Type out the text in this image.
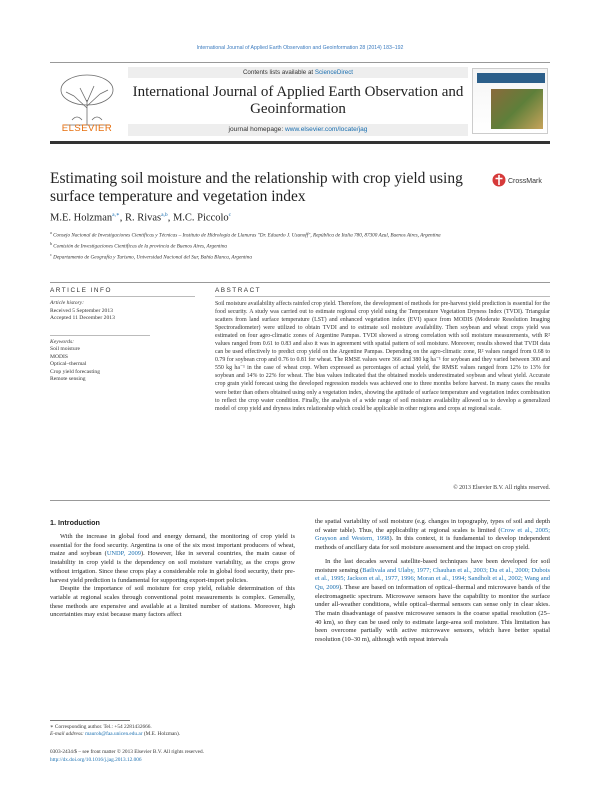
International Journal of Applied Earth Observation and Geoinformation 28 (2014) 183–192
ELSEVIER
Contents lists available at ScienceDirect
International Journal of Applied Earth Observation and Geoinformation
journal homepage: www.elsevier.com/locate/jag
Estimating soil moisture and the relationship with crop yield using surface temperature and vegetation index
CrossMark
M.E. Holzman$^{a,∗}$, R. Rivas$^{a,b}$, M.C. Piccolo$^c$
$^a$ Consejo Nacional de Investigaciones Científicas y Técnicas – Instituto de Hidrología de Llanuras "Dr. Eduardo J. Usunoff", República de Italia 780, 87300 Azul, Buenos Aires, Argentina
$^b$ Comisión de Investigaciones Científicas de la provincia de Buenos Aires, Argentina
$^c$ Departamento de Geografía y Turismo, Universidad Nacional del Sur, Bahía Blanca, Argentina
ARTICLE INFO	ABSTRACT
Article history:
Received 5 September 2013
Accepted 11 December 2013
Keywords:
Soil moisture
MODIS
Optical–thermal
Crop yield forecasting
Remote sensing
Soil moisture availability affects rainfed crop yield. Therefore, the development of methods for pre-harvest yield prediction is essential for the food security. A study was carried out to estimate regional crop yield using the Temperature Vegetation Dryness Index (TVDI). Triangular scatters from land surface temperature (LST) and enhanced vegetation index (EVI) space from MODIS (Moderate Resolution Imaging Spectroradiometer) were utilized to obtain TVDI and to estimate soil moisture availability. Then soybean and wheat crops yield was estimated on four agro-climatic zones of Argentine Pampas. TVDI showed a strong correlation with soil moisture measurements, with R² values ranged from 0.61 to 0.83 and also it was in agreement with spatial pattern of soil moisture. Moreover, results showed that TVDI data can be used effectively to predict crop yield on the Argentine Pampas. Depending on the agro-climatic zone, R² values ranged from 0.68 to 0.79 for soybean crop and 0.76 to 0.81 for wheat. The RMSE values were 366 and 380 kg ha⁻¹ for soybean and they varied between 300 and 550 kg ha⁻¹ in the case of wheat crop. When expressed as percentages of actual yield, the RMSE values ranged from 12% to 13% for soybean and 14% to 22% for wheat. The bias values indicated that the obtained models underestimated soybean and wheat yield. Accurate crop grain yield forecast using the developed regression models was achieved one to three months before harvest. In many cases the results were better than others obtained using only a vegetation index, showing the aptitude of surface temperature and vegetation index combination to reflect the crop water condition. Finally, the analysis of a wide range of soil moisture availability allowed us to develop a generalized model of crop yield and dryness index relationship which could be applicable in other regions and crops at regional scale.
© 2013 Elsevier B.V. All rights reserved.
1. Introduction

With the increase in global food and energy demand, the monitoring of crop yield is essential for the food security. Argentina is one of the six most important producers of wheat, maize and soybean (UNDP, 2009). However, like in several countries, the main cause of instability in crop yield is the dependency on soil moisture variability, as the crops grow without irrigation. Since these crops play a considerable role in global food security, their pre-harvest yield prediction is fundamental for supporting export-import policies.

Despite the importance of soil moisture for crop yield, reliable determination of this variable at regional scales through conventional point measurements is complex. Generally, these methods are expensive and available at a limited number of stations. Moreover, high uncertainties may exist because many factors affect

the spatial variability of soil moisture (e.g. changes in topography, types of soil and depth of water table). Thus, the applicability at regional scales is limited (Crow et al., 2005; Grayson and Western, 1998). In this context, it is fundamental to develop independent methods of ancillary data for soil moisture assessment and the impact on crop yield.

In the last decades several satellite-based techniques have been developed for soil moisture sensing (Batlivala and Ulaby, 1977; Chauhan et al., 2003; Du et al., 2000; Dubois et al., 1995; Jackson et al., 1977, 1996; Moran et al., 1994; Sandholt et al., 2002; Wang and Qu, 2009). These are based on information of optical–thermal and microwave bands of the electromagnetic spectrum. Microwave sensors have the capability to monitor the surface under all-weather conditions, while optical–thermal sensors can sense only in clear skies. The main disadvantage of passive microwave sensors is the coarse spatial resolution (25–40 km), so they can be used only to estimate large-area soil moisture. This limitation has been overcome partially with active microwave sensors, which have better spatial resolution (10–30 m), although with repeat intervals

∗ Corresponding author. Tel.: +54 2281432666.
E-mail address: mauroh@faa.unicen.edu.ar (M.E. Holzman).
0303-2434/$ – see front matter © 2013 Elsevier B.V. All rights reserved.
http://dx.doi.org/10.1016/j.jag.2013.12.006
